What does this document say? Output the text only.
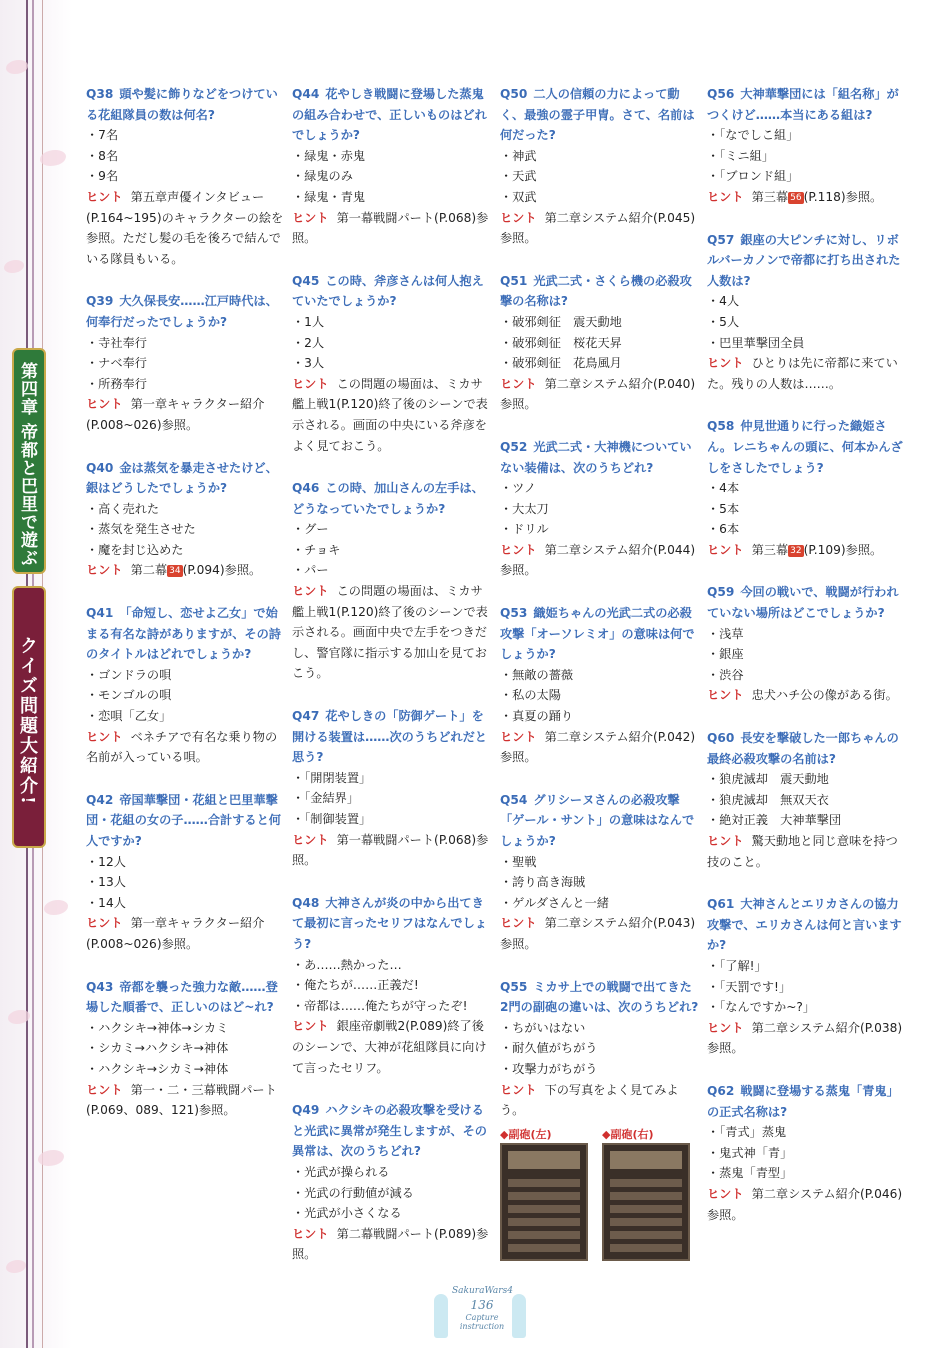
第四章 帝都と巴里で遊ぶ
クイズ問題大紹介!
Q38 頭や髪に飾りなどをつけている花組隊員の数は何名?
・7名
・8名
・9名
ヒント 第五章声優インタビュー(P.164~195)のキャラクターの絵を参照。ただし髪の毛を後ろで結んでいる隊員もいる。
Q39 大久保長安……江戸時代は、何奉行だったでしょうか?
・寺社奉行
・ナベ奉行
・所務奉行
ヒント 第一章キャラクター紹介(P.008~026)参照。
Q40 金は蒸気を暴走させたけど、銀はどうしたでしょうか?
・高く売れた
・蒸気を発生させた
・魔を封じ込めた
ヒント 第二幕 34 (P.094)参照。
Q41 「命短し、恋せよ乙女」で始まる有名な詩がありますが、その詩のタイトルはどれでしょうか?
・ゴンドラの唄
・モンゴルの唄
・恋唄「乙女」
ヒント ベネチアで有名な乗り物の名前が入っている唄。
Q42 帝国華撃団・花組と巴里華撃団・花組の女の子……合計すると何人ですか?
・12人
・13人
・14人
ヒント 第一章キャラクター紹介(P.008~026)参照。
Q43 帝都を襲った強力な敵……登場した順番で、正しいのはど~れ?
・ハクシキ→神体→シカミ
・シカミ→ハクシキ→神体
・ハクシキ→シカミ→神体
ヒント 第一・二・三幕戦闘パート(P.069、089、121)参照。
Q44 花やしき戦闘に登場した蒸鬼の組み合わせで、正しいものはどれでしょうか?
・緑鬼・赤鬼
・緑鬼のみ
・緑鬼・青鬼
ヒント 第一幕戦闘パート(P.068)参照。
Q45 この時、斧彦さんは何人抱えていたでしょうか?
・1人
・2人
・3人
ヒント この問題の場面は、ミカサ艦上戦1(P.120)終了後のシーンで表示される。画面の中央にいる斧彦をよく見ておこう。
Q46 この時、加山さんの左手は、どうなっていたでしょうか?
・グー
・チョキ
・パー
ヒント この問題の場面は、ミカサ艦上戦1(P.120)終了後のシーンで表示される。画面中央で左手をつきだし、警官隊に指示する加山を見ておこう。
Q47 花やしきの「防御ゲート」を開ける装置は……次のうちどれだと思う?
・「開閉装置」
・「金結界」
・「制御装置」
ヒント 第一幕戦闘パート(P.068)参照。
Q48 大神さんが炎の中から出てきて最初に言ったセリフはなんでしょう?
・あ……熱かった…
・俺たちが……正義だ!
・帝都は……俺たちが守ったぞ!
ヒント 銀座帝劇戦2(P.089)終了後のシーンで、大神が花組隊員に向けて言ったセリフ。
Q49 ハクシキの必殺攻撃を受けると光武に異常が発生しますが、その異常は、次のうちどれ?
・光武が操られる
・光武の行動値が減る
・光武が小さくなる
ヒント 第二幕戦闘パート(P.089)参照。
Q50 二人の信頼の力によって動く、最強の霊子甲冑。さて、名前は何だった?
・神武
・天武
・双武
ヒント 第二章システム紹介(P.045)参照。
Q51 光武二式・さくら機の必殺攻撃の名称は?
・破邪剣征　震天動地
・破邪剣征　桜花天昇
・破邪剣征　花鳥風月
ヒント 第二章システム紹介(P.040)参照。
Q52 光武二式・大神機についていない装備は、次のうちどれ?
・ツノ
・大太刀
・ドリル
ヒント 第二章システム紹介(P.044)参照。
Q53 織姫ちゃんの光武二式の必殺攻撃「オーソレミオ」の意味は何でしょうか?
・無敵の薔薇
・私の太陽
・真夏の踊り
ヒント 第二章システム紹介(P.042)参照。
Q54 グリシーヌさんの必殺攻撃「ゲール・サント」の意味はなんでしょうか?
・聖戦
・誇り高き海賊
・ゲルダさんと一緒
ヒント 第二章システム紹介(P.043)参照。
Q55 ミカサ上での戦闘で出てきた2門の副砲の違いは、次のうちどれ?
・ちがいはない
・耐久値がちがう
・攻撃力がちがう
ヒント 下の写真をよく見てみよう。
◆副砲(左)	◆副砲(右)
Q56 大神華撃団には「組名称」がつくけど……本当にある組は?
・「なでしこ組」
・「ミニ組」
・「ブロンド組」
ヒント 第三幕 56 (P.118)参照。
Q57 銀座の大ピンチに対し、リボルバーカノンで帝都に打ち出された人数は?
・4人
・5人
・巴里華撃団全員
ヒント ひとりは先に帝都に来ていた。残りの人数は……。
Q58 仲見世通りに行った織姫さん。レニちゃんの頭に、何本かんざしをさしたでしょう?
・4本
・5本
・6本
ヒント 第三幕 32 (P.109)参照。
Q59 今回の戦いで、戦闘が行われていない場所はどこでしょうか?
・浅草
・銀座
・渋谷
ヒント 忠犬ハチ公の像がある街。
Q60 長安を撃破した一郎ちゃんの最終必殺攻撃の名前は?
・狼虎滅却　震天動地
・狼虎滅却　無双天衣
・絶対正義　大神華撃団
ヒント 驚天動地と同じ意味を持つ技のこと。
Q61 大神さんとエリカさんの協力攻撃で、エリカさんは何と言いますか?
・「了解!」
・「天罰です!」
・「なんですか~?」
ヒント 第二章システム紹介(P.038)参照。
Q62 戦闘に登場する蒸鬼「青鬼」の正式名称は?
・「青式」蒸鬼
・鬼式神「青」
・蒸鬼「青型」
ヒント 第二章システム紹介(P.046)参照。
SakuraWars4
136
Capture instruction
